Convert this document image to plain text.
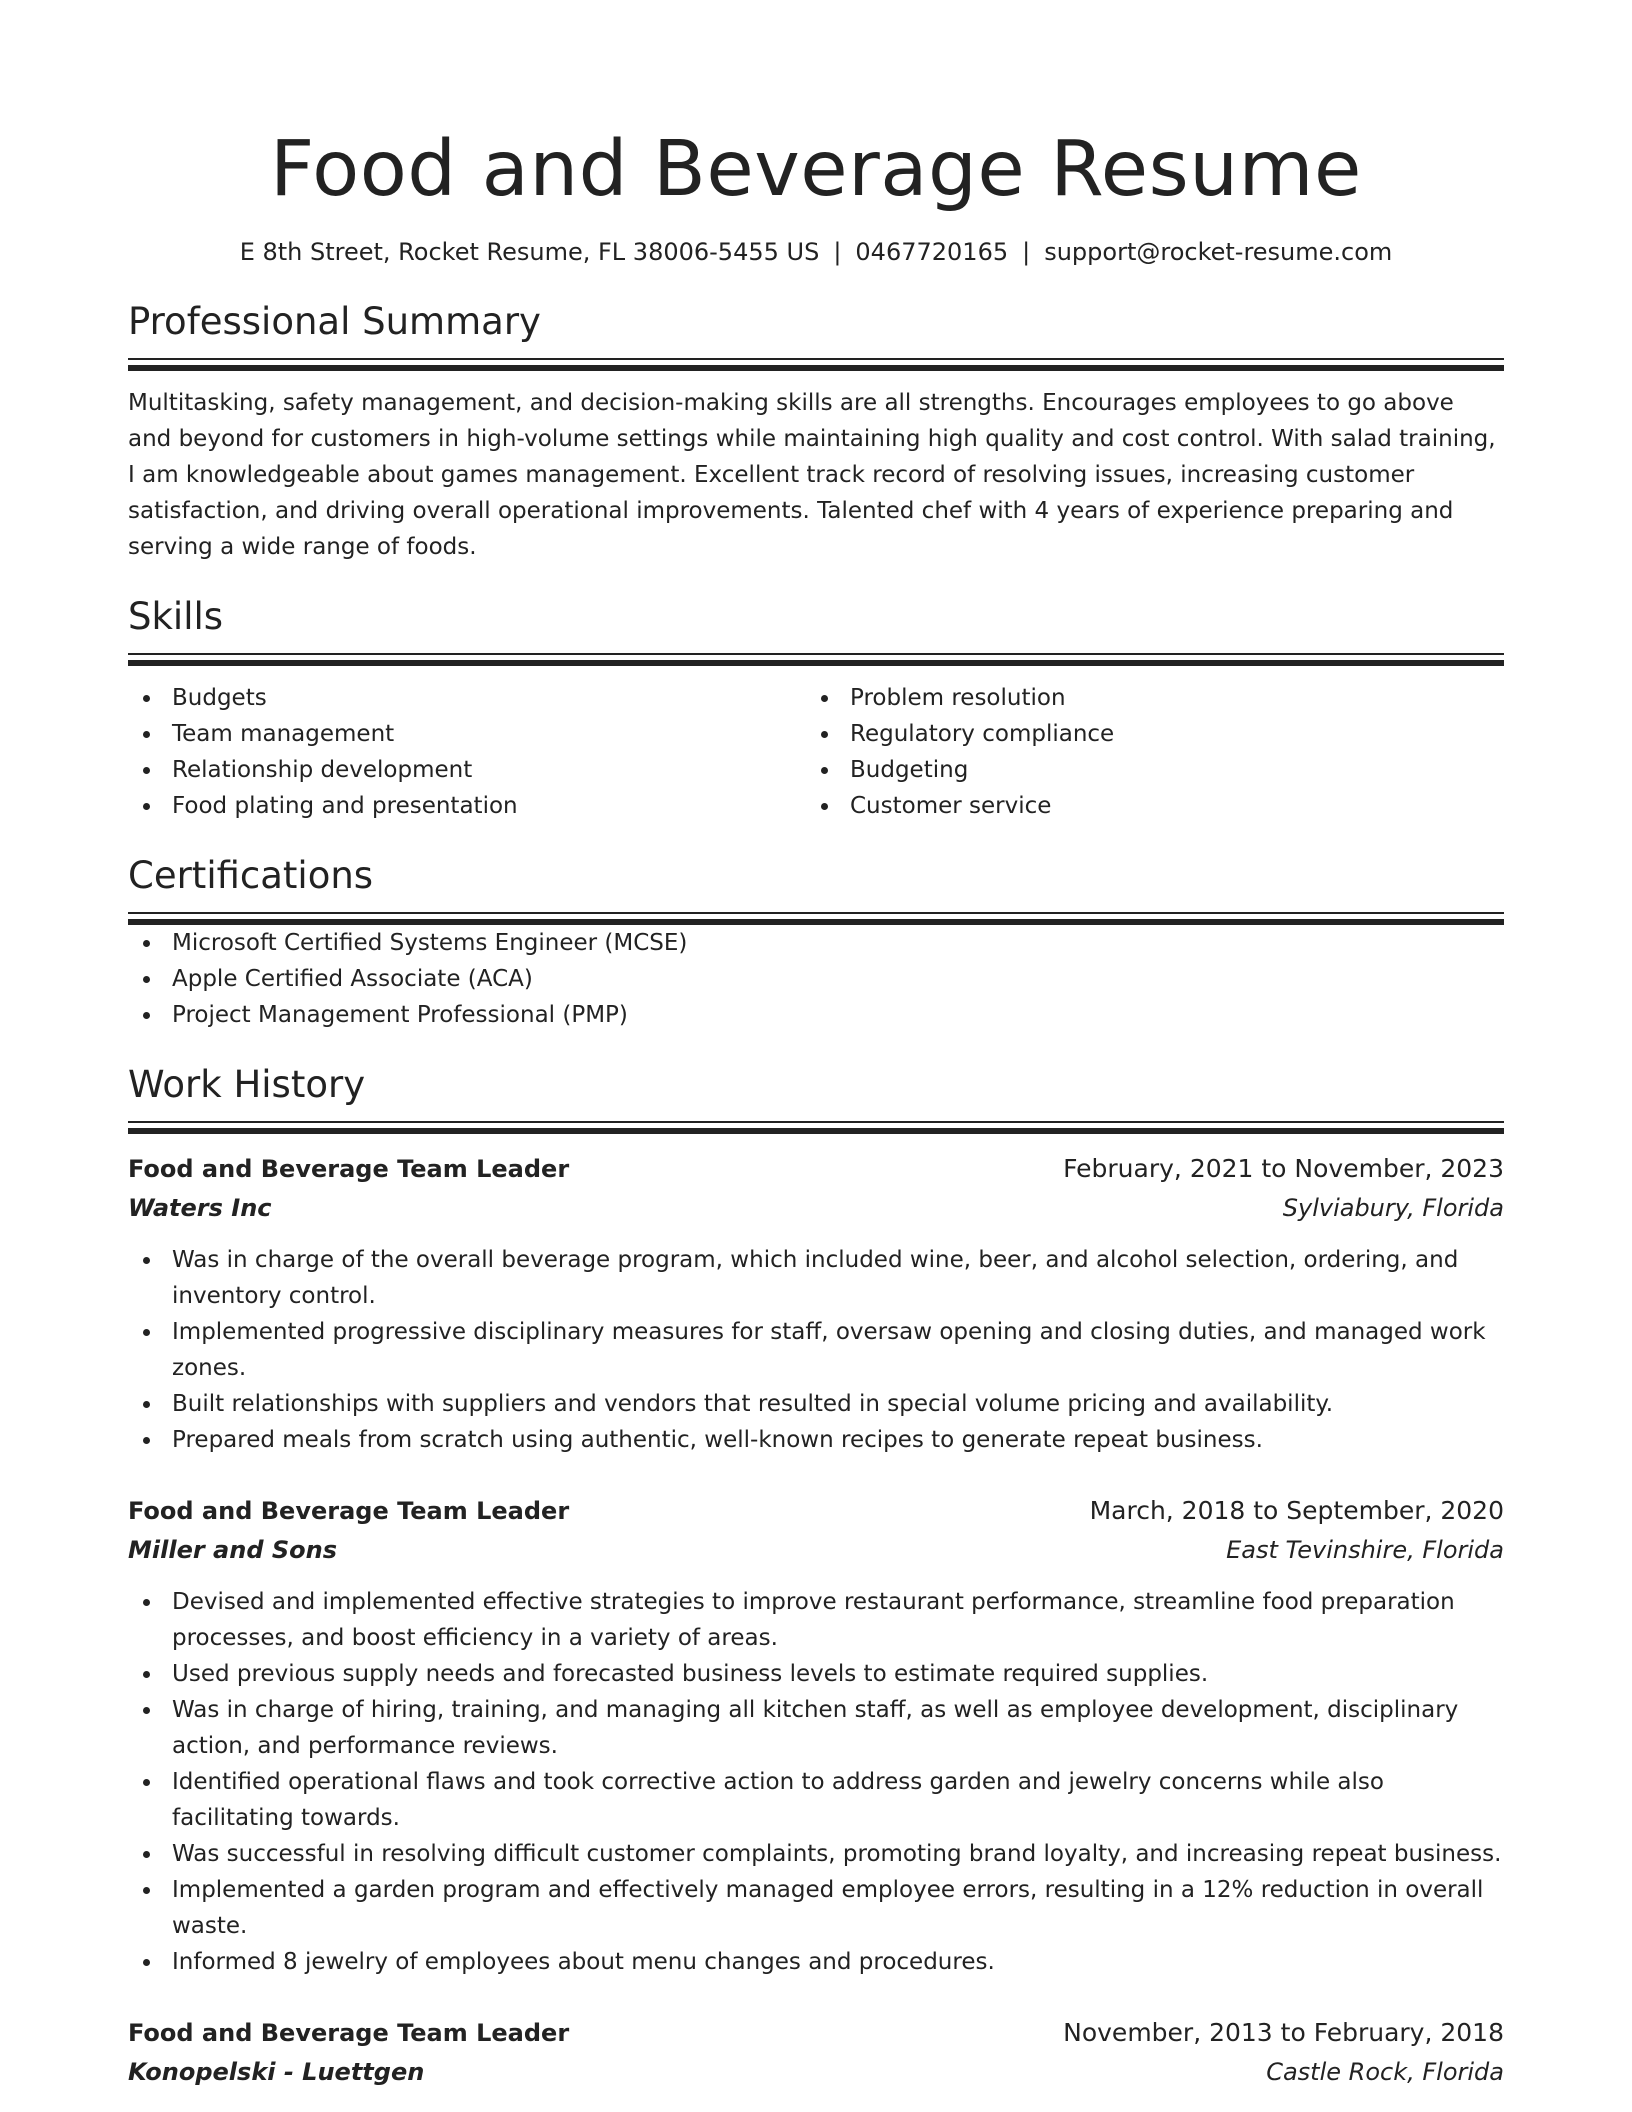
Food and Beverage Resume
E 8th Street, Rocket Resume, FL 38006-5455 US | 0467720165 | support@rocket-resume.com
Professional Summary

Multitasking, safety management, and decision-making skills are all strengths. Encourages employees to go above and beyond for customers in high-volume settings while maintaining high quality and cost control. With salad training, I am knowledgeable about games management. Excellent track record of resolving issues, increasing customer satisfaction, and driving overall operational improvements. Talented chef with 4 years of experience preparing and serving a wide range of foods.

Skills
Budgets
Team management
Relationship development
Food plating and presentation
Problem resolution
Regulatory compliance
Budgeting
Customer service
Certifications
Microsoft Certified Systems Engineer (MCSE)
Apple Certified Associate (ACA)
Project Management Professional (PMP)
Work History
Food and Beverage Team Leader	February, 2021 to November, 2023
Waters Inc	Sylviabury, Florida
Was in charge of the overall beverage program, which included wine, beer, and alcohol selection, ordering, and inventory control.
Implemented progressive disciplinary measures for staff, oversaw opening and closing duties, and managed work zones.
Built relationships with suppliers and vendors that resulted in special volume pricing and availability.
Prepared meals from scratch using authentic, well-known recipes to generate repeat business.
Food and Beverage Team Leader	March, 2018 to September, 2020
Miller and Sons	East Tevinshire, Florida
Devised and implemented effective strategies to improve restaurant performance, streamline food preparation processes, and boost efficiency in a variety of areas.
Used previous supply needs and forecasted business levels to estimate required supplies.
Was in charge of hiring, training, and managing all kitchen staff, as well as employee development, disciplinary action, and performance reviews.
Identified operational flaws and took corrective action to address garden and jewelry concerns while also facilitating towards.
Was successful in resolving difficult customer complaints, promoting brand loyalty, and increasing repeat business.
Implemented a garden program and effectively managed employee errors, resulting in a 12% reduction in overall waste.
Informed 8 jewelry of employees about menu changes and procedures.
Food and Beverage Team Leader	November, 2013 to February, 2018
Konopelski - Luettgen	Castle Rock, Florida
